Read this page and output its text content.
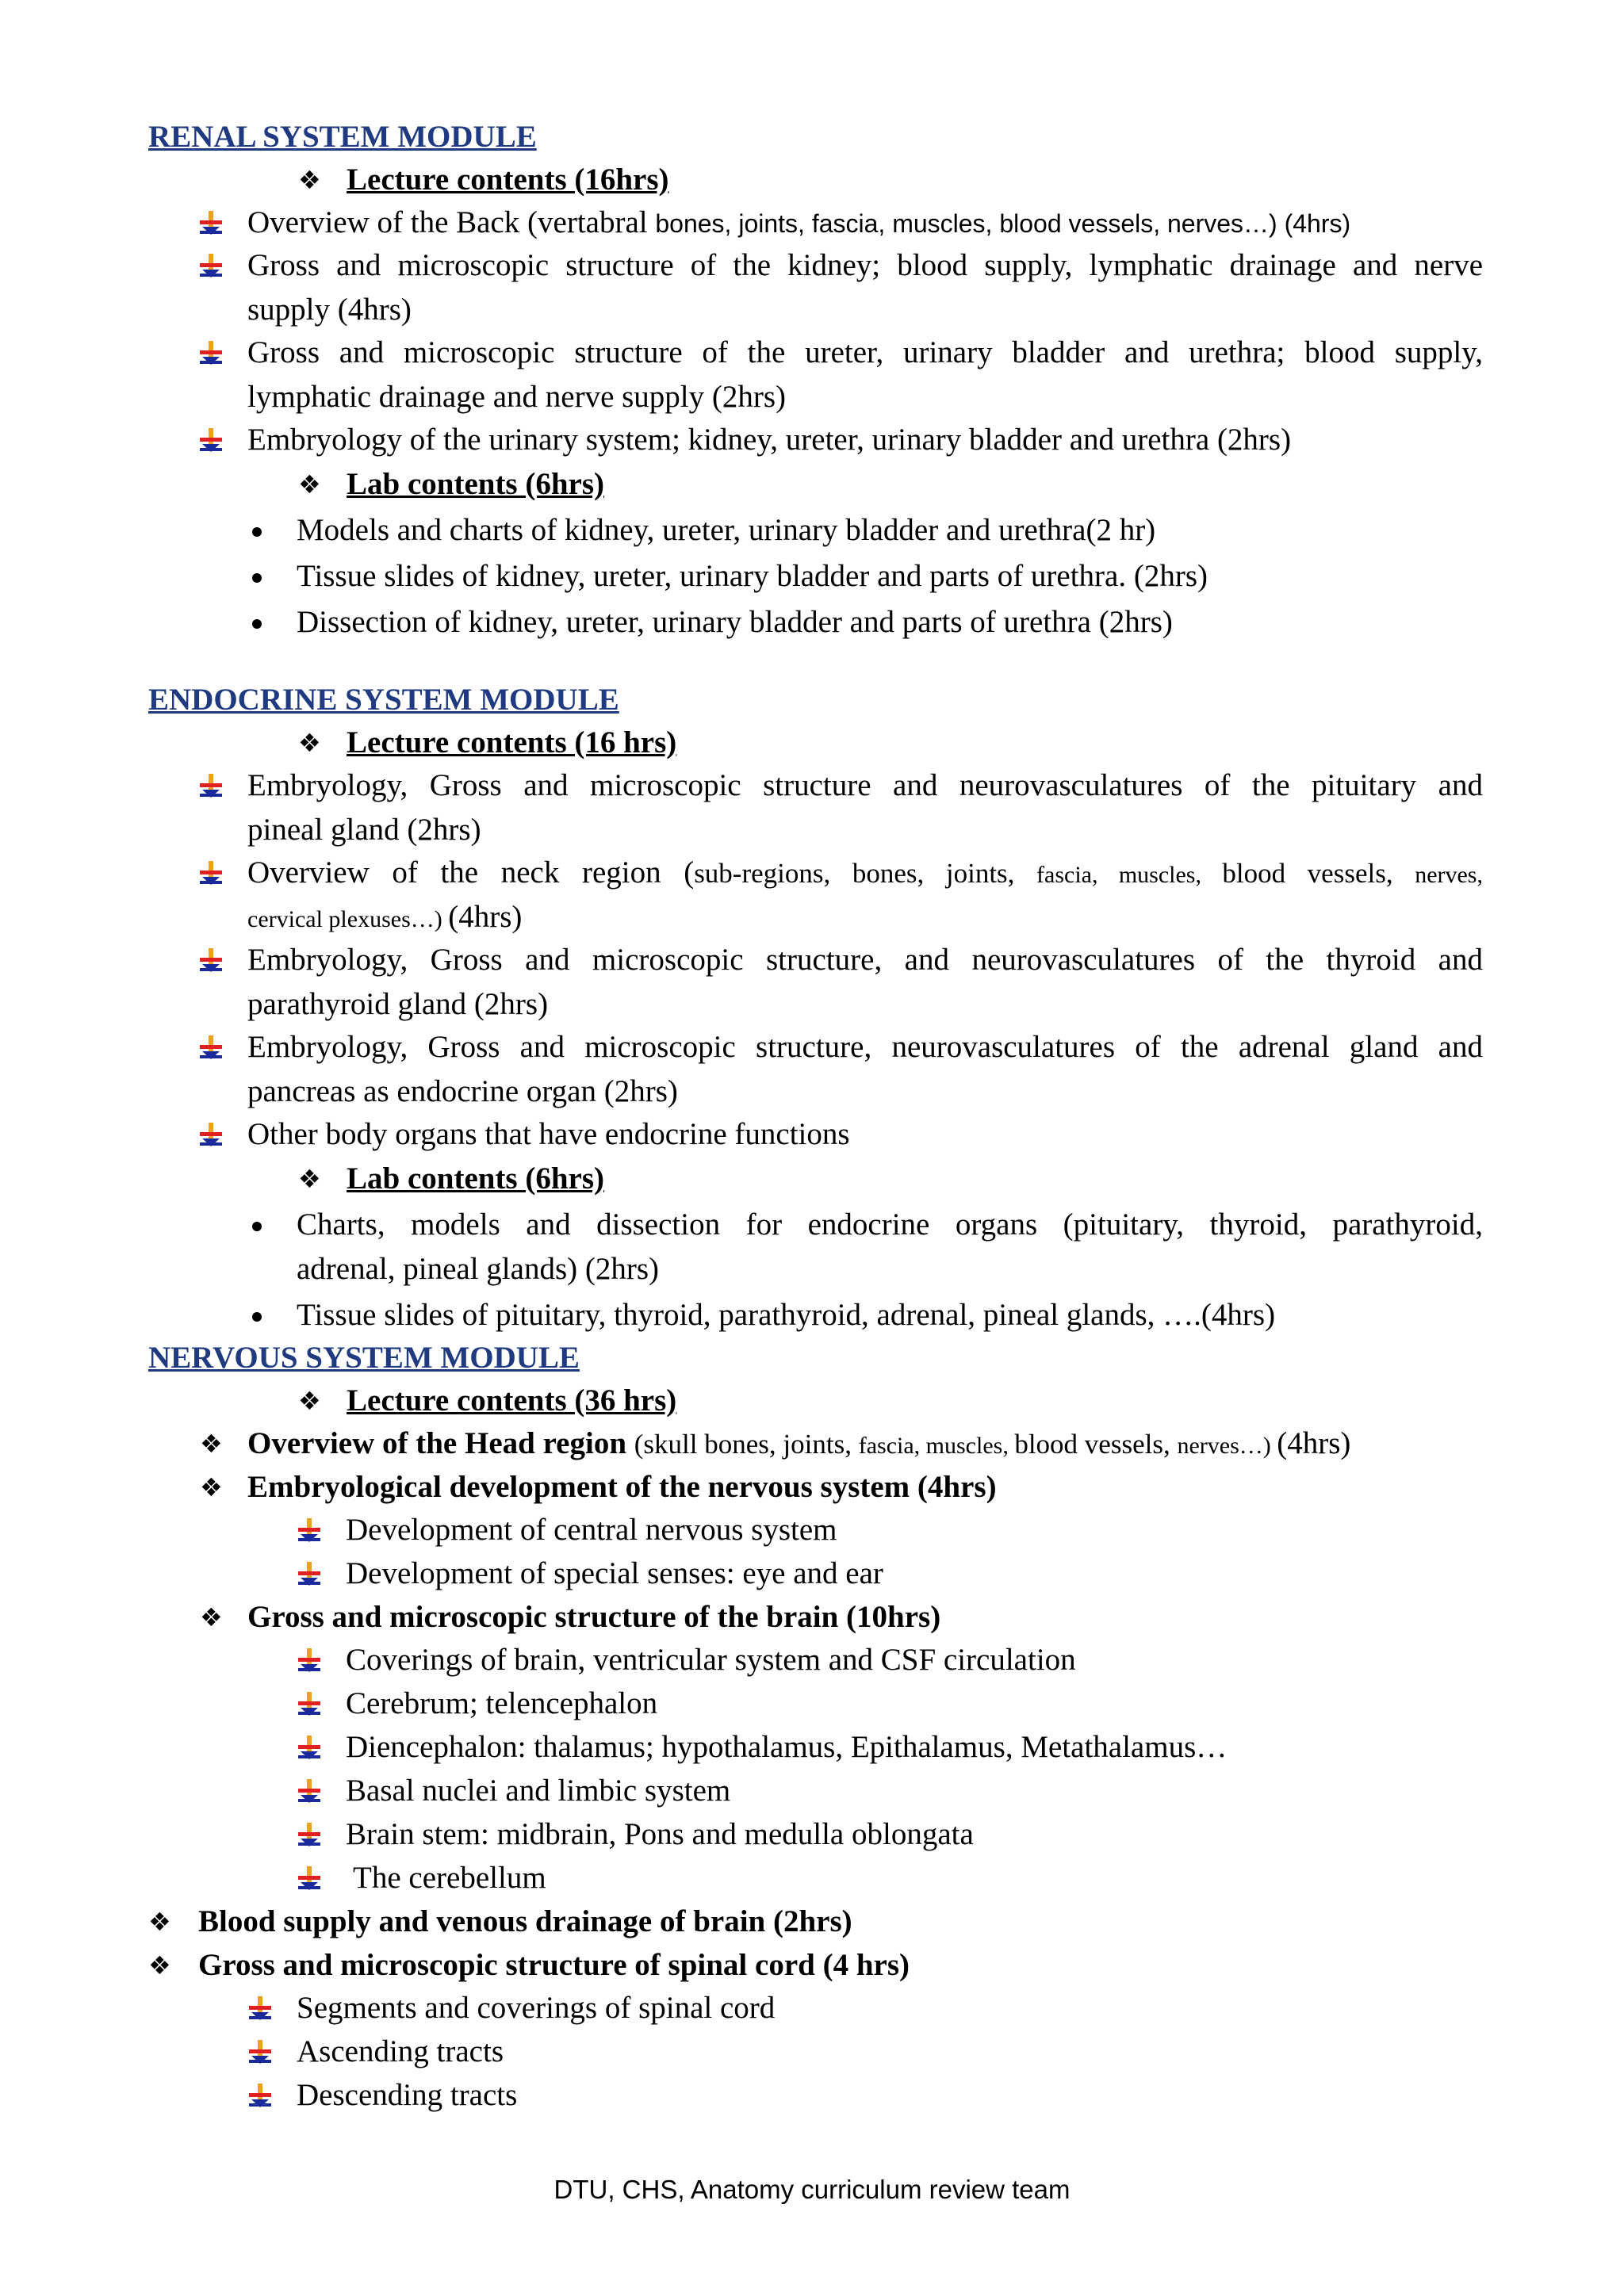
RENAL SYSTEM MODULE
❖ Lecture contents (16hrs)
Overview of the Back (vertabral bones, joints, fascia, muscles, blood vessels, nerves…) (4hrs)
Gross and microscopic structure of the kidney; blood supply, lymphatic drainage and nerve
supply (4hrs)
Gross and microscopic structure of the ureter, urinary bladder and urethra; blood supply,
lymphatic drainage and nerve supply (2hrs)
Embryology of the urinary system; kidney, ureter, urinary bladder and urethra (2hrs)
❖ Lab contents (6hrs)
Models and charts of kidney, ureter, urinary bladder and urethra(2 hr)
Tissue slides of kidney, ureter, urinary bladder and parts of urethra. (2hrs)
Dissection of kidney, ureter, urinary bladder and parts of urethra (2hrs)
ENDOCRINE SYSTEM MODULE
❖ Lecture contents (16 hrs)
Embryology, Gross and microscopic structure and neurovasculatures of the pituitary and
pineal gland (2hrs)
Overview of the neck region (sub-regions, bones, joints, fascia, muscles, blood vessels, nerves,
cervical plexuses…) (4hrs)
Embryology, Gross and microscopic structure, and neurovasculatures of the thyroid and
parathyroid gland (2hrs)
Embryology, Gross and microscopic structure, neurovasculatures of the adrenal gland and
pancreas as endocrine organ (2hrs)
Other body organs that have endocrine functions
❖ Lab contents (6hrs)
Charts, models and dissection for endocrine organs (pituitary, thyroid, parathyroid,
adrenal, pineal glands) (2hrs)
Tissue slides of pituitary, thyroid, parathyroid, adrenal, pineal glands, ….(4hrs)
NERVOUS SYSTEM MODULE
❖ Lecture contents (36 hrs)
❖ Overview of the Head region (skull bones, joints, fascia, muscles, blood vessels, nerves…) (4hrs)
❖ Embryological development of the nervous system (4hrs)
Development of central nervous system
Development of special senses: eye and ear
❖ Gross and microscopic structure of the brain (10hrs)
Coverings of brain, ventricular system and CSF circulation
Cerebrum; telencephalon
Diencephalon: thalamus; hypothalamus, Epithalamus, Metathalamus…
Basal nuclei and limbic system
Brain stem: midbrain, Pons and medulla oblongata
The cerebellum
❖ Blood supply and venous drainage of brain (2hrs)
❖ Gross and microscopic structure of spinal cord (4 hrs)
Segments and coverings of spinal cord
Ascending tracts
Descending tracts
DTU, CHS, Anatomy curriculum review team
